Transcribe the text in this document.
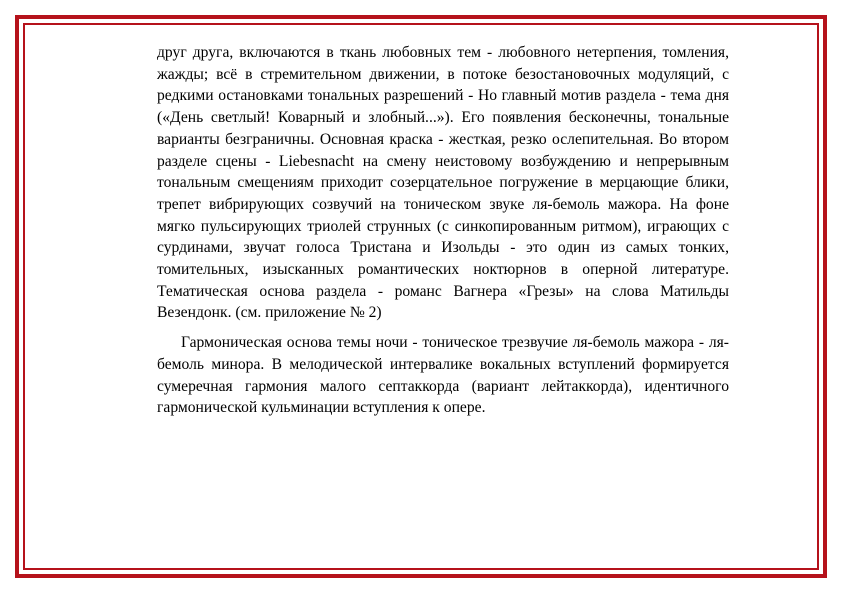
друг друга, включаются в ткань любовных тем - любовного нетерпения, томления, жажды; всё в стремительном движении, в потоке безостановочных модуляций, с редкими остановками тональных разрешений - Но главный мотив раздела - тема дня («День светлый! Коварный и злобный...»). Его появления бесконечны, тональные варианты безграничны. Основная краска - жесткая, резко ослепительная. Во втором разделе сцены - Liebesnacht на смену неистовому возбуждению и непрерывным тональным смещениям приходит созерцательное погружение в мерцающие блики, трепет вибрирующих созвучий на тоническом звуке ля-бемоль мажора. На фоне мягко пульсирующих триолей струнных (с синкопированным ритмом), играющих с сурдинами, звучат голоса Тристана и Изольды - это один из самых тонких, томительных, изысканных романтических ноктюрнов в оперной литературе. Тематическая основа раздела - романс Вагнера «Грезы» на слова Матильды Везендонк. (см. приложение № 2)

Гармоническая основа темы ночи - тоническое трезвучие ля-бемоль мажора - ля-бемоль минора. В мелодической интервалике вокальных вступлений формируется сумеречная гармония малого септаккорда (вариант лейтаккорда), идентичного гармонической кульминации вступления к опере.
